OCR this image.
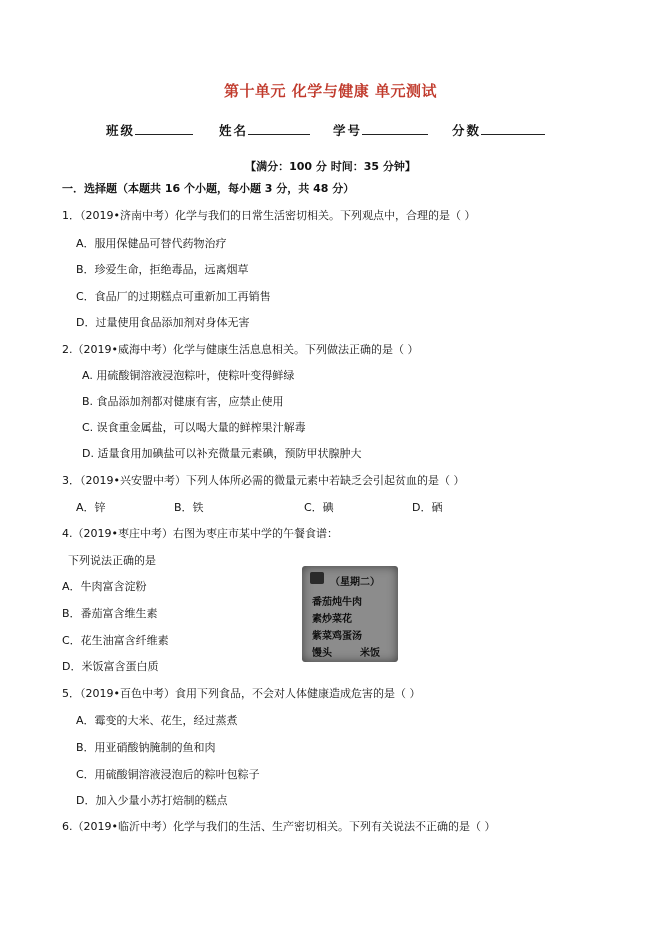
第十单元 化学与健康 单元测试
班级	姓名	学号	分数
【满分：100 分 时间：35 分钟】
一．选择题（本题共 16 个小题，每小题 3 分，共 48 分）
1．（2019•济南中考）化学与我们的日常生活密切相关。下列观点中，合理的是（ ）
A．服用保健品可替代药物治疗
B．珍爱生命，拒绝毒品，远离烟草
C．食品厂的过期糕点可重新加工再销售
D．过量使用食品添加剂对身体无害
2.（2019•威海中考）化学与健康生活息息相关。下列做法正确的是（ ）
A. 用硫酸铜溶液浸泡粽叶，使粽叶变得鲜绿
B. 食品添加剂都对健康有害，应禁止使用
C. 误食重金属盐，可以喝大量的鲜榨果汁解毒
D. 适量食用加碘盐可以补充微量元素碘，预防甲状腺肿大
3．（2019•兴安盟中考）下列人体所必需的微量元素中若缺乏会引起贫血的是（ ）
A．锌	B．铁	C．碘	D．硒
4.（2019•枣庄中考）右图为枣庄市某中学的午餐食谱：
下列说法正确的是
A．牛肉富含淀粉
B．番茄富含维生素
C．花生油富含纤维素
D．米饭富含蛋白质
（星期二）
番茄炖牛肉
素炒菜花
紫菜鸡蛋汤
馒头	米饭
5．（2019•百色中考）食用下列食品，不会对人体健康造成危害的是（ ）
A．霉变的大米、花生，经过蒸煮
B．用亚硝酸钠腌制的鱼和肉
C．用硫酸铜溶液浸泡后的粽叶包粽子
D．加入少量小苏打焙制的糕点
6.（2019•临沂中考）化学与我们的生活、生产密切相关。下列有关说法不正确的是（ ）
